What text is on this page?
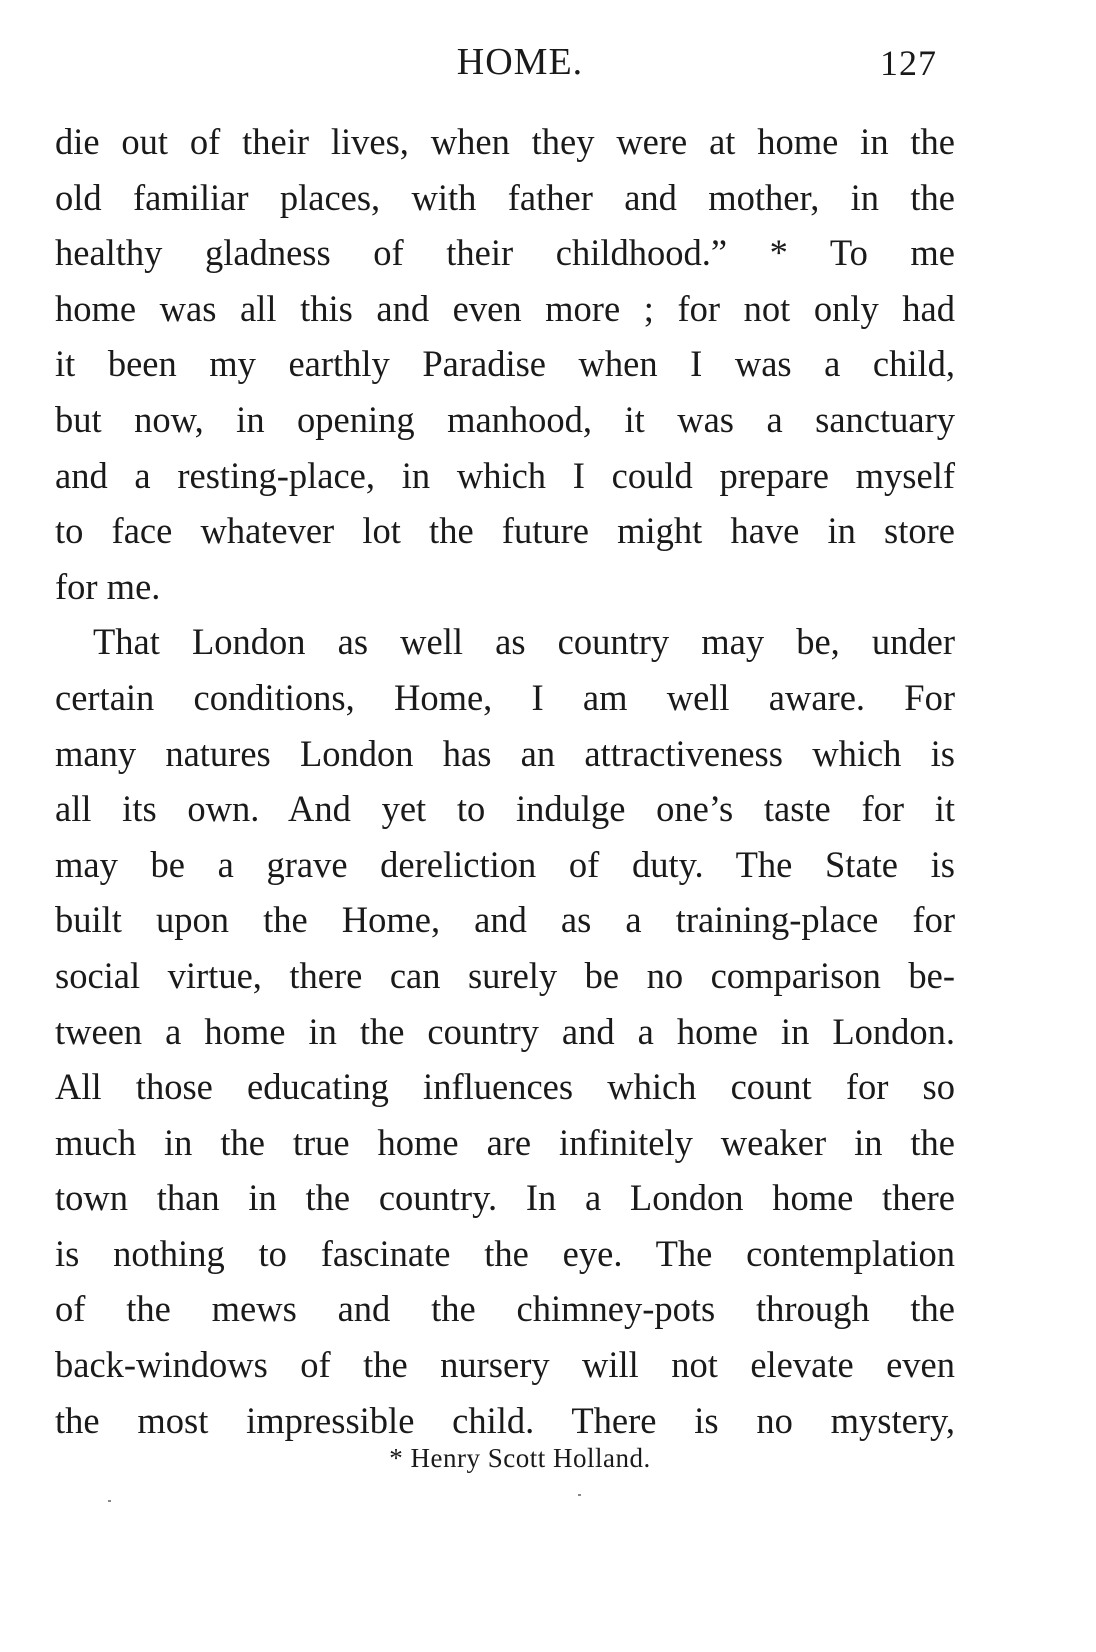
HOME.	127
die out of their lives, when they were at home in the
old familiar places, with father and mother, in the
healthy gladness of their childhood.” * To me
home was all this and even more ; for not only had
it been my earthly Paradise when I was a child,
but now, in opening manhood, it was a sanctuary
and a resting-place, in which I could prepare myself
to face whatever lot the future might have in store
for me.
That London as well as country may be, under
certain conditions, Home, I am well aware. For
many natures London has an attractiveness which is
all its own. And yet to indulge one’s taste for it
may be a grave dereliction of duty. The State is
built upon the Home, and as a training-place for
social virtue, there can surely be no comparison be-
tween a home in the country and a home in London.
All those educating influences which count for so
much in the true home are infinitely weaker in the
town than in the country. In a London home there
is nothing to fascinate the eye. The contemplation
of the mews and the chimney-pots through the
back-windows of the nursery will not elevate even
the most impressible child. There is no mystery,
* Henry Scott Holland.
